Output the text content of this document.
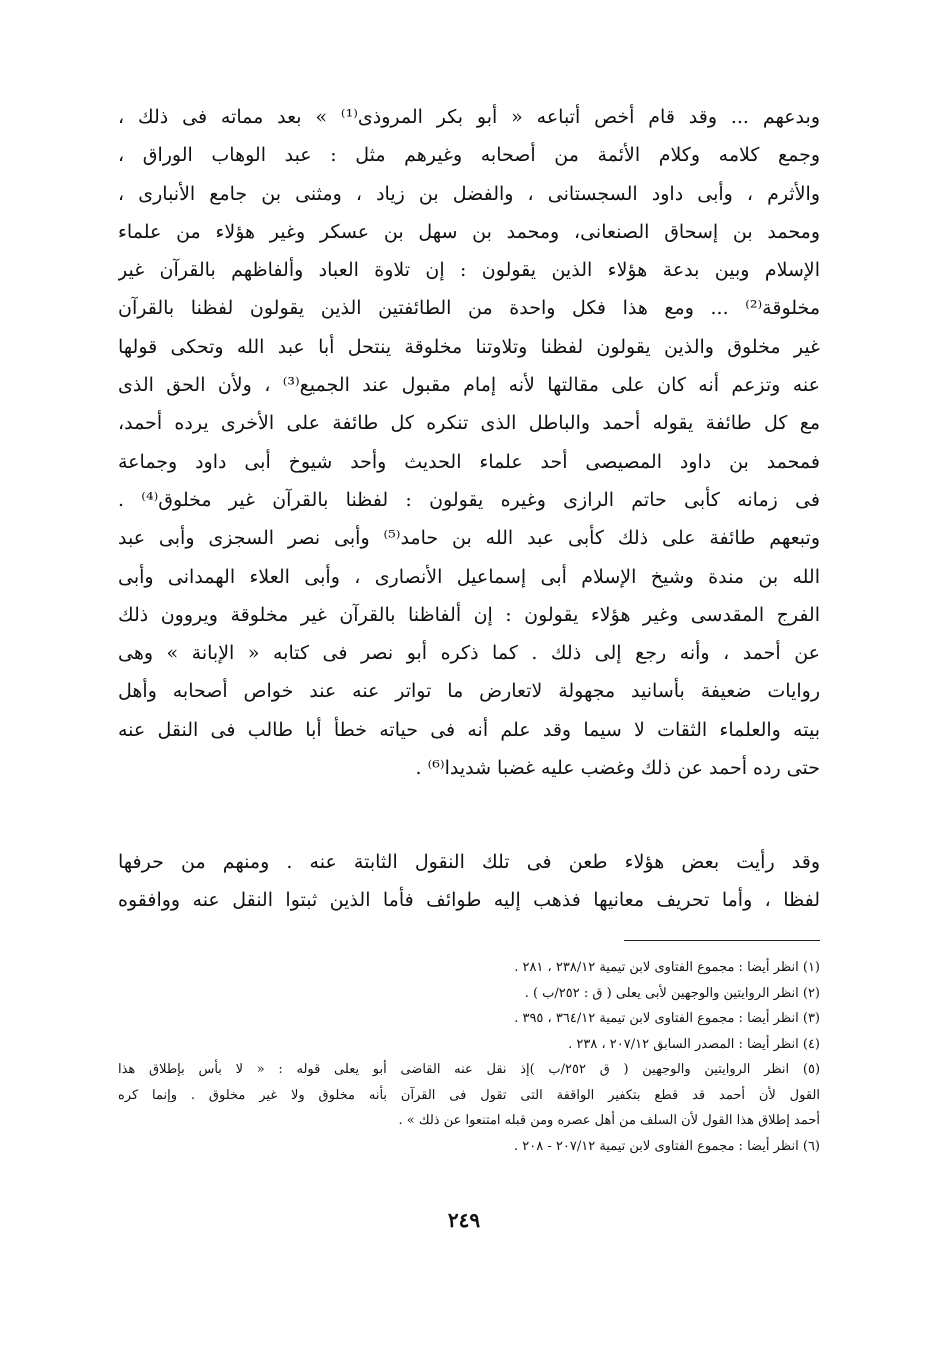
وبدعهم ... وقد قام أخص أتباعه « أبو بكر المروذى⁽¹⁾ » بعد مماته فى ذلك ،
وجمع كلامه وكلام الأئمة من أصحابه وغيرهم مثل : عبد الوهاب الوراق ،
والأثرم ، وأبى داود السجستانى ، والفضل بن زياد ، ومثنى بن جامع الأنبارى ،
ومحمد بن إسحاق الصنعانى، ومحمد بن سهل بن عسكر وغير هؤلاء من علماء
الإسلام وبين بدعة هؤلاء الذين يقولون : إن تلاوة العباد وألفاظهم بالقرآن غير
مخلوقة⁽²⁾ ... ومع هذا فكل واحدة من الطائفتين الذين يقولون لفظنا بالقرآن
غير مخلوق والذين يقولون لفظنا وتلاوتنا مخلوقة ينتحل أبا عبد الله وتحكى قولها
عنه وتزعم أنه كان على مقالتها لأنه إمام مقبول عند الجميع⁽³⁾ ، ولأن الحق الذى
مع كل طائفة يقوله أحمد والباطل الذى تنكره كل طائفة على الأخرى يرده أحمد،
فمحمد بن داود المصيصى أحد علماء الحديث وأحد شيوخ أبى داود وجماعة
فى زمانه كأبى حاتم الرازى وغيره يقولون : لفظنا بالقرآن غير مخلوق⁽⁴⁾ .
وتبعهم طائفة على ذلك كأبى عبد الله بن حامد⁽⁵⁾ وأبى نصر السجزى وأبى عبد
الله بن مندة وشيخ الإسلام أبى إسماعيل الأنصارى ، وأبى العلاء الهمدانى وأبى
الفرج المقدسى وغير هؤلاء يقولون : إن ألفاظنا بالقرآن غير مخلوقة ويروون ذلك
عن أحمد ، وأنه رجع إلى ذلك . كما ذكره أبو نصر فى كتابه « الإبانة » وهى
روايات ضعيفة بأسانيد مجهولة لاتعارض ما تواتر عنه عند خواص أصحابه وأهل
بيته والعلماء الثقات لا سيما وقد علم أنه فى حياته خطأ أبا طالب فى النقل عنه
حتى رده أحمد عن ذلك وغضب عليه غضبا شديدا⁽⁶⁾ .
وقد رأيت بعض هؤلاء طعن فى تلك النقول الثابتة عنه . ومنهم من حرفها
لفظا ، وأما تحريف معانيها فذهب إليه طوائف فأما الذين ثبتوا النقل عنه ووافقوه
(١) انظر أيضا : مجموع الفتاوى لابن تيمية ٢٣٨/١٢ ، ٢٨١ .
(٢) انظر الروايتين والوجهين لأبى يعلى ( ق : ٢٥٢/ب ) .
(٣) انظر أيضا : مجموع الفتاوى لابن تيمية ٣٦٤/١٢ ، ٣٩٥ .
(٤) انظر أيضا : المصدر السابق ٢٠٧/١٢ ، ٢٣٨ .
(٥) انظر الروايتين والوجهين ( ق ٢٥٢/ب )إذ نقل عنه القاضى أبو يعلى قوله : « لا بأس بإطلاق هذا
القول لأن أحمد قد قطع بتكفير الواقفة التى تقول فى القرآن بأنه مخلوق ولا غير مخلوق . وإنما كره
أحمد إطلاق هذا القول لأن السلف من أهل عصره ومن قبله امتنعوا عن ذلك » .
(٦) انظر أيضا : مجموع الفتاوى لابن تيمية ٢٠٧/١٢ - ٢٠٨ .
٢٤٩
